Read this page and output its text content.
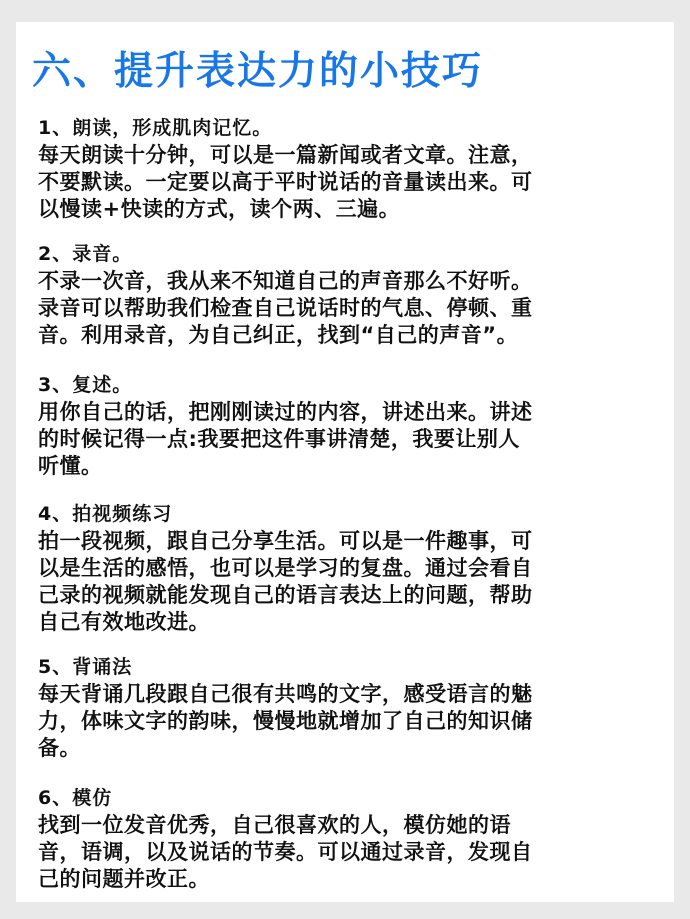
六、提升表达力的小技巧
1、朗读，形成肌肉记忆。
每天朗读十分钟，可以是一篇新闻或者文章。注意，
不要默读。一定要以高于平时说话的音量读出来。可
以慢读+快读的方式，读个两、三遍。
2、录音。
不录一次音，我从来不知道自己的声音那么不好听。
录音可以帮助我们检查自己说话时的气息、停顿、重
音。利用录音，为自己纠正，找到“自己的声音”。
3、复述。
用你自己的话，把刚刚读过的内容，讲述出来。讲述
的时候记得一点:我要把这件事讲清楚，我要让别人
听懂。
4、拍视频练习
拍一段视频，跟自己分享生活。可以是一件趣事，可
以是生活的感悟，也可以是学习的复盘。通过会看自
己录的视频就能发现自己的语言表达上的问题，帮助
自己有效地改进。
5、背诵法
每天背诵几段跟自己很有共鸣的文字，感受语言的魅
力，体味文字的韵味，慢慢地就增加了自己的知识储
备。
6、模仿
找到一位发音优秀，自己很喜欢的人，模仿她的语
音，语调，以及说话的节奏。可以通过录音，发现自
己的问题并改正。
